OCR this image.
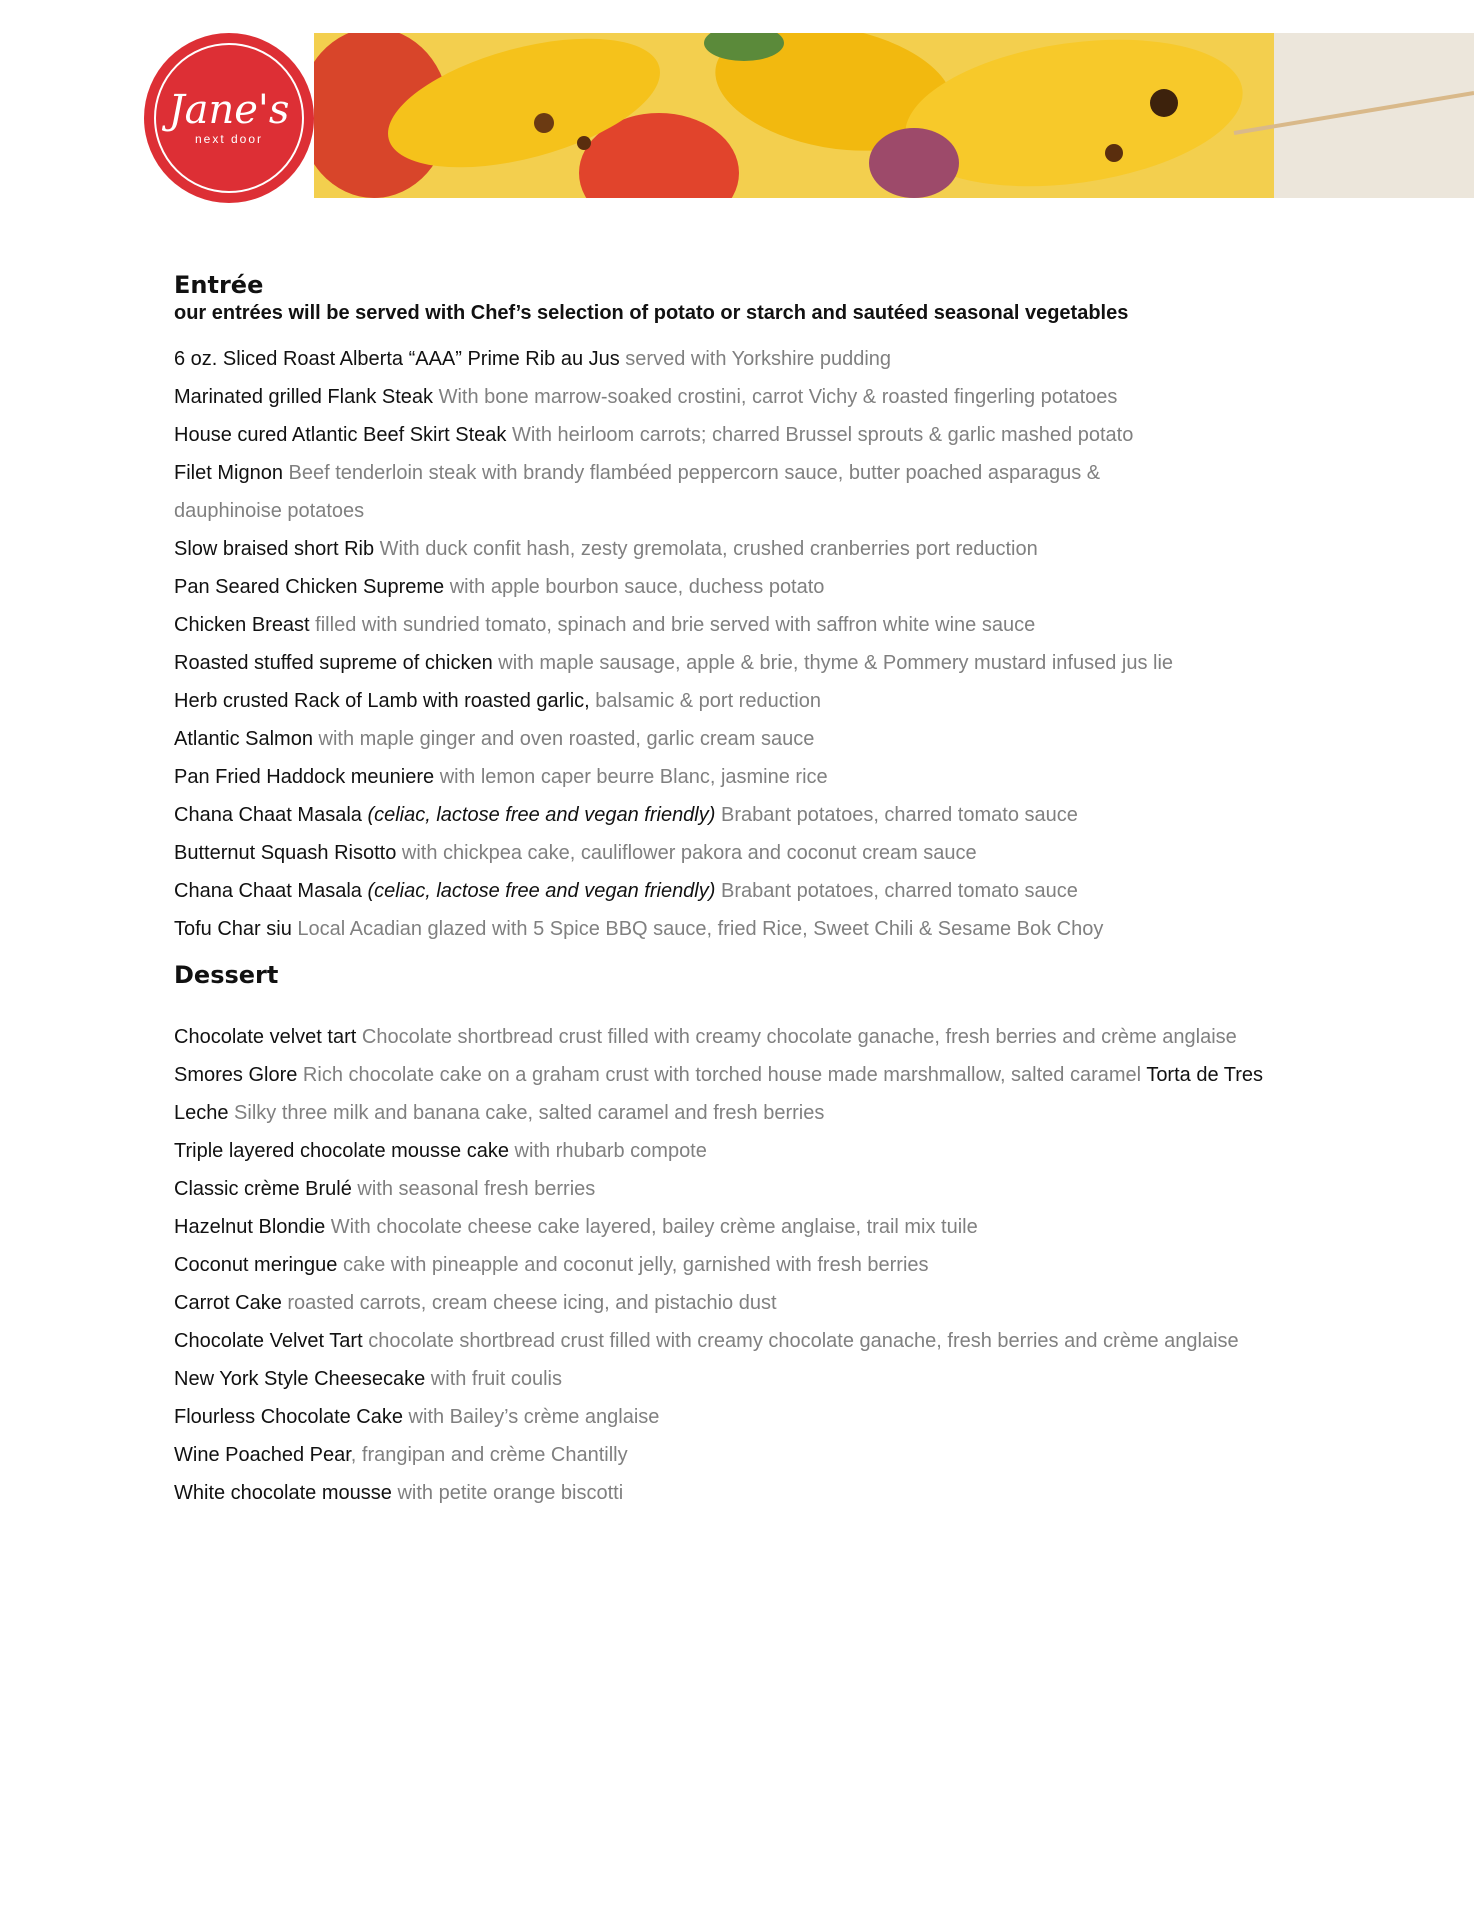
Jane's
next door
Entrée

our entrées will be served with Chef’s selection of potato or starch and sautéed seasonal vegetables

6 oz. Sliced Roast Alberta “AAA” Prime Rib au Jus served with Yorkshire pudding
Marinated grilled Flank Steak With bone marrow-soaked crostini, carrot Vichy & roasted fingerling potatoes
House cured Atlantic Beef Skirt Steak With heirloom carrots; charred Brussel sprouts & garlic mashed potato
Filet Mignon Beef tenderloin steak with brandy flambéed peppercorn sauce, butter poached asparagus & dauphinoise potatoes
Slow braised short Rib With duck confit hash, zesty gremolata, crushed cranberries port reduction
Pan Seared Chicken Supreme with apple bourbon sauce, duchess potato
Chicken Breast filled with sundried tomato, spinach and brie served with saffron white wine sauce
Roasted stuffed supreme of chicken with maple sausage, apple & brie, thyme & Pommery mustard infused jus lie
Herb crusted Rack of Lamb with roasted garlic, balsamic & port reduction
Atlantic Salmon with maple ginger and oven roasted, garlic cream sauce
Pan Fried Haddock meuniere with lemon caper beurre Blanc, jasmine rice
Chana Chaat Masala (celiac, lactose free and vegan friendly) Brabant potatoes, charred tomato sauce
Butternut Squash Risotto with chickpea cake, cauliflower pakora and coconut cream sauce
Chana Chaat Masala (celiac, lactose free and vegan friendly) Brabant potatoes, charred tomato sauce
Tofu Char siu Local Acadian glazed with 5 Spice BBQ sauce, fried Rice, Sweet Chili & Sesame Bok Choy
Dessert
Chocolate velvet tart Chocolate shortbread crust filled with creamy chocolate ganache, fresh berries and crème anglaise
Smores Glore Rich chocolate cake on a graham crust with torched house made marshmallow, salted caramel Torta de Tres Leche Silky three milk and banana cake, salted caramel and fresh berries
Triple layered chocolate mousse cake with rhubarb compote
Classic crème Brulé with seasonal fresh berries
Hazelnut Blondie With chocolate cheese cake layered, bailey crème anglaise, trail mix tuile
Coconut meringue cake with pineapple and coconut jelly, garnished with fresh berries
Carrot Cake roasted carrots, cream cheese icing, and pistachio dust
Chocolate Velvet Tart chocolate shortbread crust filled with creamy chocolate ganache, fresh berries and crème anglaise
New York Style Cheesecake with fruit coulis
Flourless Chocolate Cake with Bailey’s crème anglaise
Wine Poached Pear, frangipan and crème Chantilly
White chocolate mousse with petite orange biscotti
